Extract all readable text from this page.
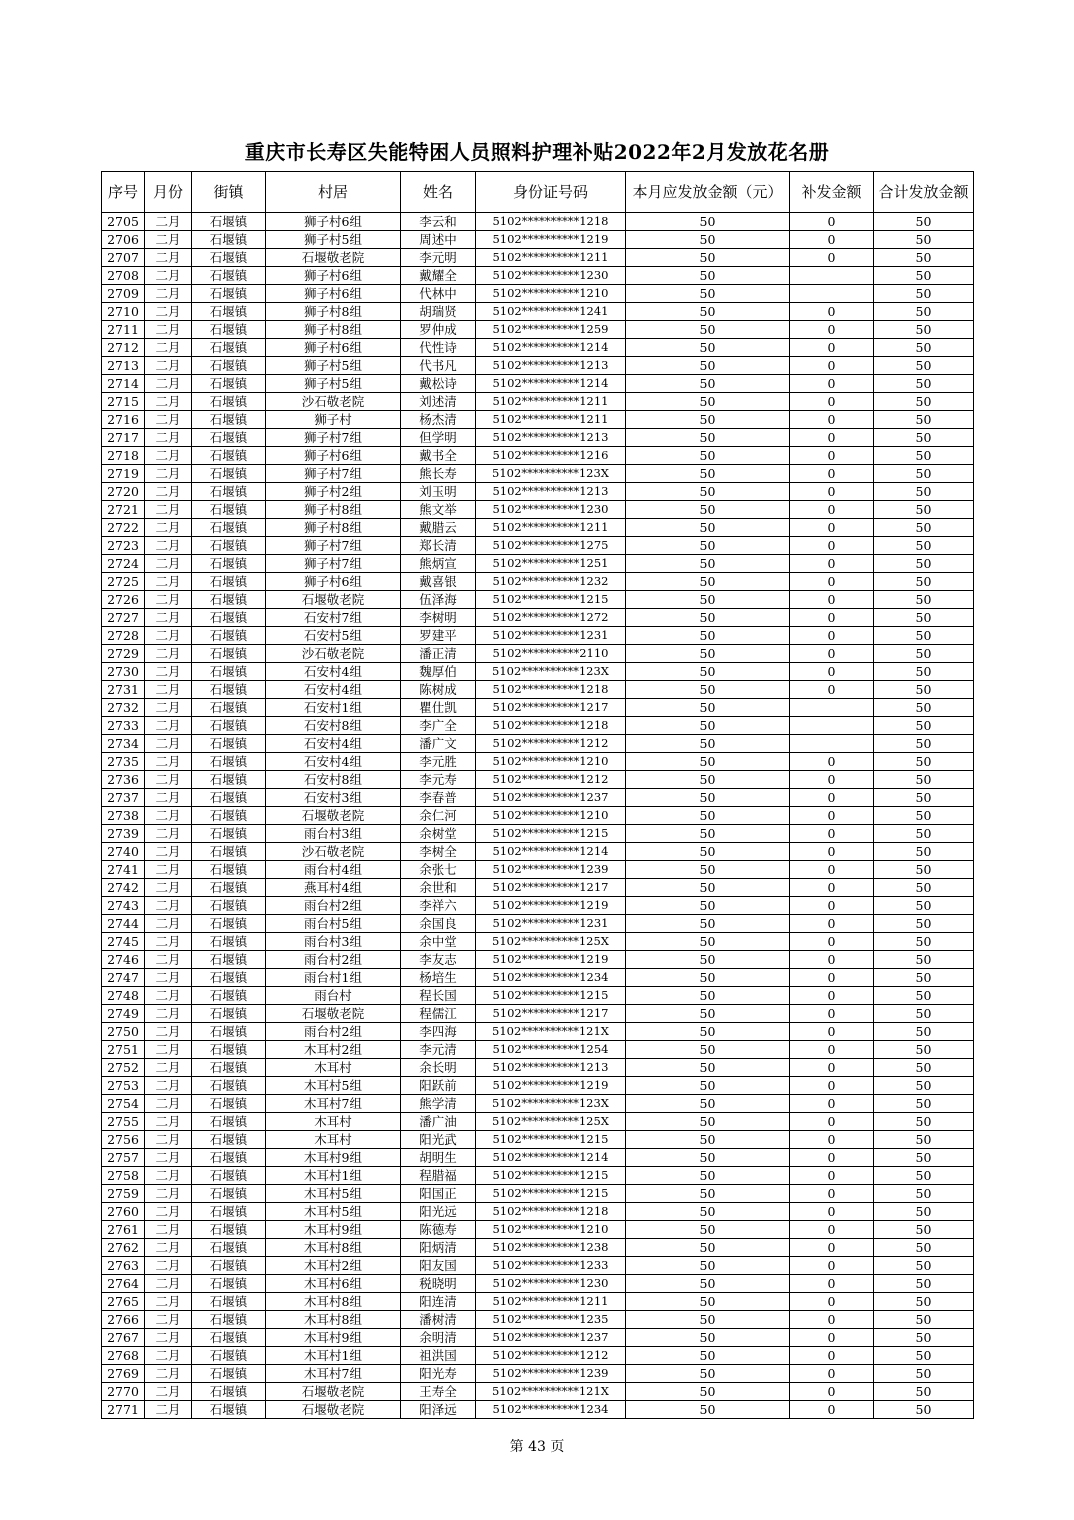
重庆市长寿区失能特困人员照料护理补贴2022年2月发放花名册
序号	月份	街镇	村居	姓名	身份证号码	本月应发放金额（元）	补发金额	合计发放金额
2705	二月	石堰镇	狮子村6组	李云和	5102**********1218	50	0	50
2706	二月	石堰镇	狮子村5组	周述中	5102**********1219	50	0	50
2707	二月	石堰镇	石堰敬老院	李元明	5102**********1211	50	0	50
2708	二月	石堰镇	狮子村6组	戴耀全	5102**********1230	50		50
2709	二月	石堰镇	狮子村6组	代林中	5102**********1210	50		50
2710	二月	石堰镇	狮子村8组	胡瑞贤	5102**********1241	50	0	50
2711	二月	石堰镇	狮子村8组	罗仲成	5102**********1259	50	0	50
2712	二月	石堰镇	狮子村6组	代性诗	5102**********1214	50	0	50
2713	二月	石堰镇	狮子村5组	代书凡	5102**********1213	50	0	50
2714	二月	石堰镇	狮子村5组	戴松诗	5102**********1214	50	0	50
2715	二月	石堰镇	沙石敬老院	刘述清	5102**********1211	50	0	50
2716	二月	石堰镇	狮子村	杨杰清	5102**********1211	50	0	50
2717	二月	石堰镇	狮子村7组	但学明	5102**********1213	50	0	50
2718	二月	石堰镇	狮子村6组	戴书全	5102**********1216	50	0	50
2719	二月	石堰镇	狮子村7组	熊长寿	5102**********123X	50	0	50
2720	二月	石堰镇	狮子村2组	刘玉明	5102**********1213	50	0	50
2721	二月	石堰镇	狮子村8组	熊文举	5102**********1230	50	0	50
2722	二月	石堰镇	狮子村8组	戴腊云	5102**********1211	50	0	50
2723	二月	石堰镇	狮子村7组	郑长清	5102**********1275	50	0	50
2724	二月	石堰镇	狮子村7组	熊炳宣	5102**********1251	50	0	50
2725	二月	石堰镇	狮子村6组	戴喜银	5102**********1232	50	0	50
2726	二月	石堰镇	石堰敬老院	伍泽海	5102**********1215	50	0	50
2727	二月	石堰镇	石安村7组	李树明	5102**********1272	50	0	50
2728	二月	石堰镇	石安村5组	罗建平	5102**********1231	50	0	50
2729	二月	石堰镇	沙石敬老院	潘正清	5102**********2110	50	0	50
2730	二月	石堰镇	石安村4组	魏厚伯	5102**********123X	50	0	50
2731	二月	石堰镇	石安村4组	陈树成	5102**********1218	50	0	50
2732	二月	石堰镇	石安村1组	瞿仕凯	5102**********1217	50		50
2733	二月	石堰镇	石安村8组	李广全	5102**********1218	50		50
2734	二月	石堰镇	石安村4组	潘广文	5102**********1212	50		50
2735	二月	石堰镇	石安村4组	李元胜	5102**********1210	50	0	50
2736	二月	石堰镇	石安村8组	李元寿	5102**********1212	50	0	50
2737	二月	石堰镇	石安村3组	李春普	5102**********1237	50	0	50
2738	二月	石堰镇	石堰敬老院	余仁河	5102**********1210	50	0	50
2739	二月	石堰镇	雨台村3组	余树堂	5102**********1215	50	0	50
2740	二月	石堰镇	沙石敬老院	李树全	5102**********1214	50	0	50
2741	二月	石堰镇	雨台村4组	余张七	5102**********1239	50	0	50
2742	二月	石堰镇	燕耳村4组	余世和	5102**********1217	50	0	50
2743	二月	石堰镇	雨台村2组	李祥六	5102**********1219	50	0	50
2744	二月	石堰镇	雨台村5组	余国良	5102**********1231	50	0	50
2745	二月	石堰镇	雨台村3组	余中堂	5102**********125X	50	0	50
2746	二月	石堰镇	雨台村2组	李友志	5102**********1219	50	0	50
2747	二月	石堰镇	雨台村1组	杨培生	5102**********1234	50	0	50
2748	二月	石堰镇	雨台村	程长国	5102**********1215	50	0	50
2749	二月	石堰镇	石堰敬老院	程儒江	5102**********1217	50	0	50
2750	二月	石堰镇	雨台村2组	李四海	5102**********121X	50	0	50
2751	二月	石堰镇	木耳村2组	李元清	5102**********1254	50	0	50
2752	二月	石堰镇	木耳村	余长明	5102**********1213	50	0	50
2753	二月	石堰镇	木耳村5组	阳跃前	5102**********1219	50	0	50
2754	二月	石堰镇	木耳村7组	熊学清	5102**********123X	50	0	50
2755	二月	石堰镇	木耳村	潘广油	5102**********125X	50	0	50
2756	二月	石堰镇	木耳村	阳光武	5102**********1215	50	0	50
2757	二月	石堰镇	木耳村9组	胡明生	5102**********1214	50	0	50
2758	二月	石堰镇	木耳村1组	程腊福	5102**********1215	50	0	50
2759	二月	石堰镇	木耳村5组	阳国正	5102**********1215	50	0	50
2760	二月	石堰镇	木耳村5组	阳光远	5102**********1218	50	0	50
2761	二月	石堰镇	木耳村9组	陈德寿	5102**********1210	50	0	50
2762	二月	石堰镇	木耳村8组	阳炳清	5102**********1238	50	0	50
2763	二月	石堰镇	木耳村2组	阳友国	5102**********1233	50	0	50
2764	二月	石堰镇	木耳村6组	税晓明	5102**********1230	50	0	50
2765	二月	石堰镇	木耳村8组	阳连清	5102**********1211	50	0	50
2766	二月	石堰镇	木耳村8组	潘树清	5102**********1235	50	0	50
2767	二月	石堰镇	木耳村9组	余明清	5102**********1237	50	0	50
2768	二月	石堰镇	木耳村1组	祖洪国	5102**********1212	50	0	50
2769	二月	石堰镇	木耳村7组	阳光寿	5102**********1239	50	0	50
2770	二月	石堰镇	石堰敬老院	王寿全	5102**********121X	50	0	50
2771	二月	石堰镇	石堰敬老院	阳泽远	5102**********1234	50	0	50
第 43 页
